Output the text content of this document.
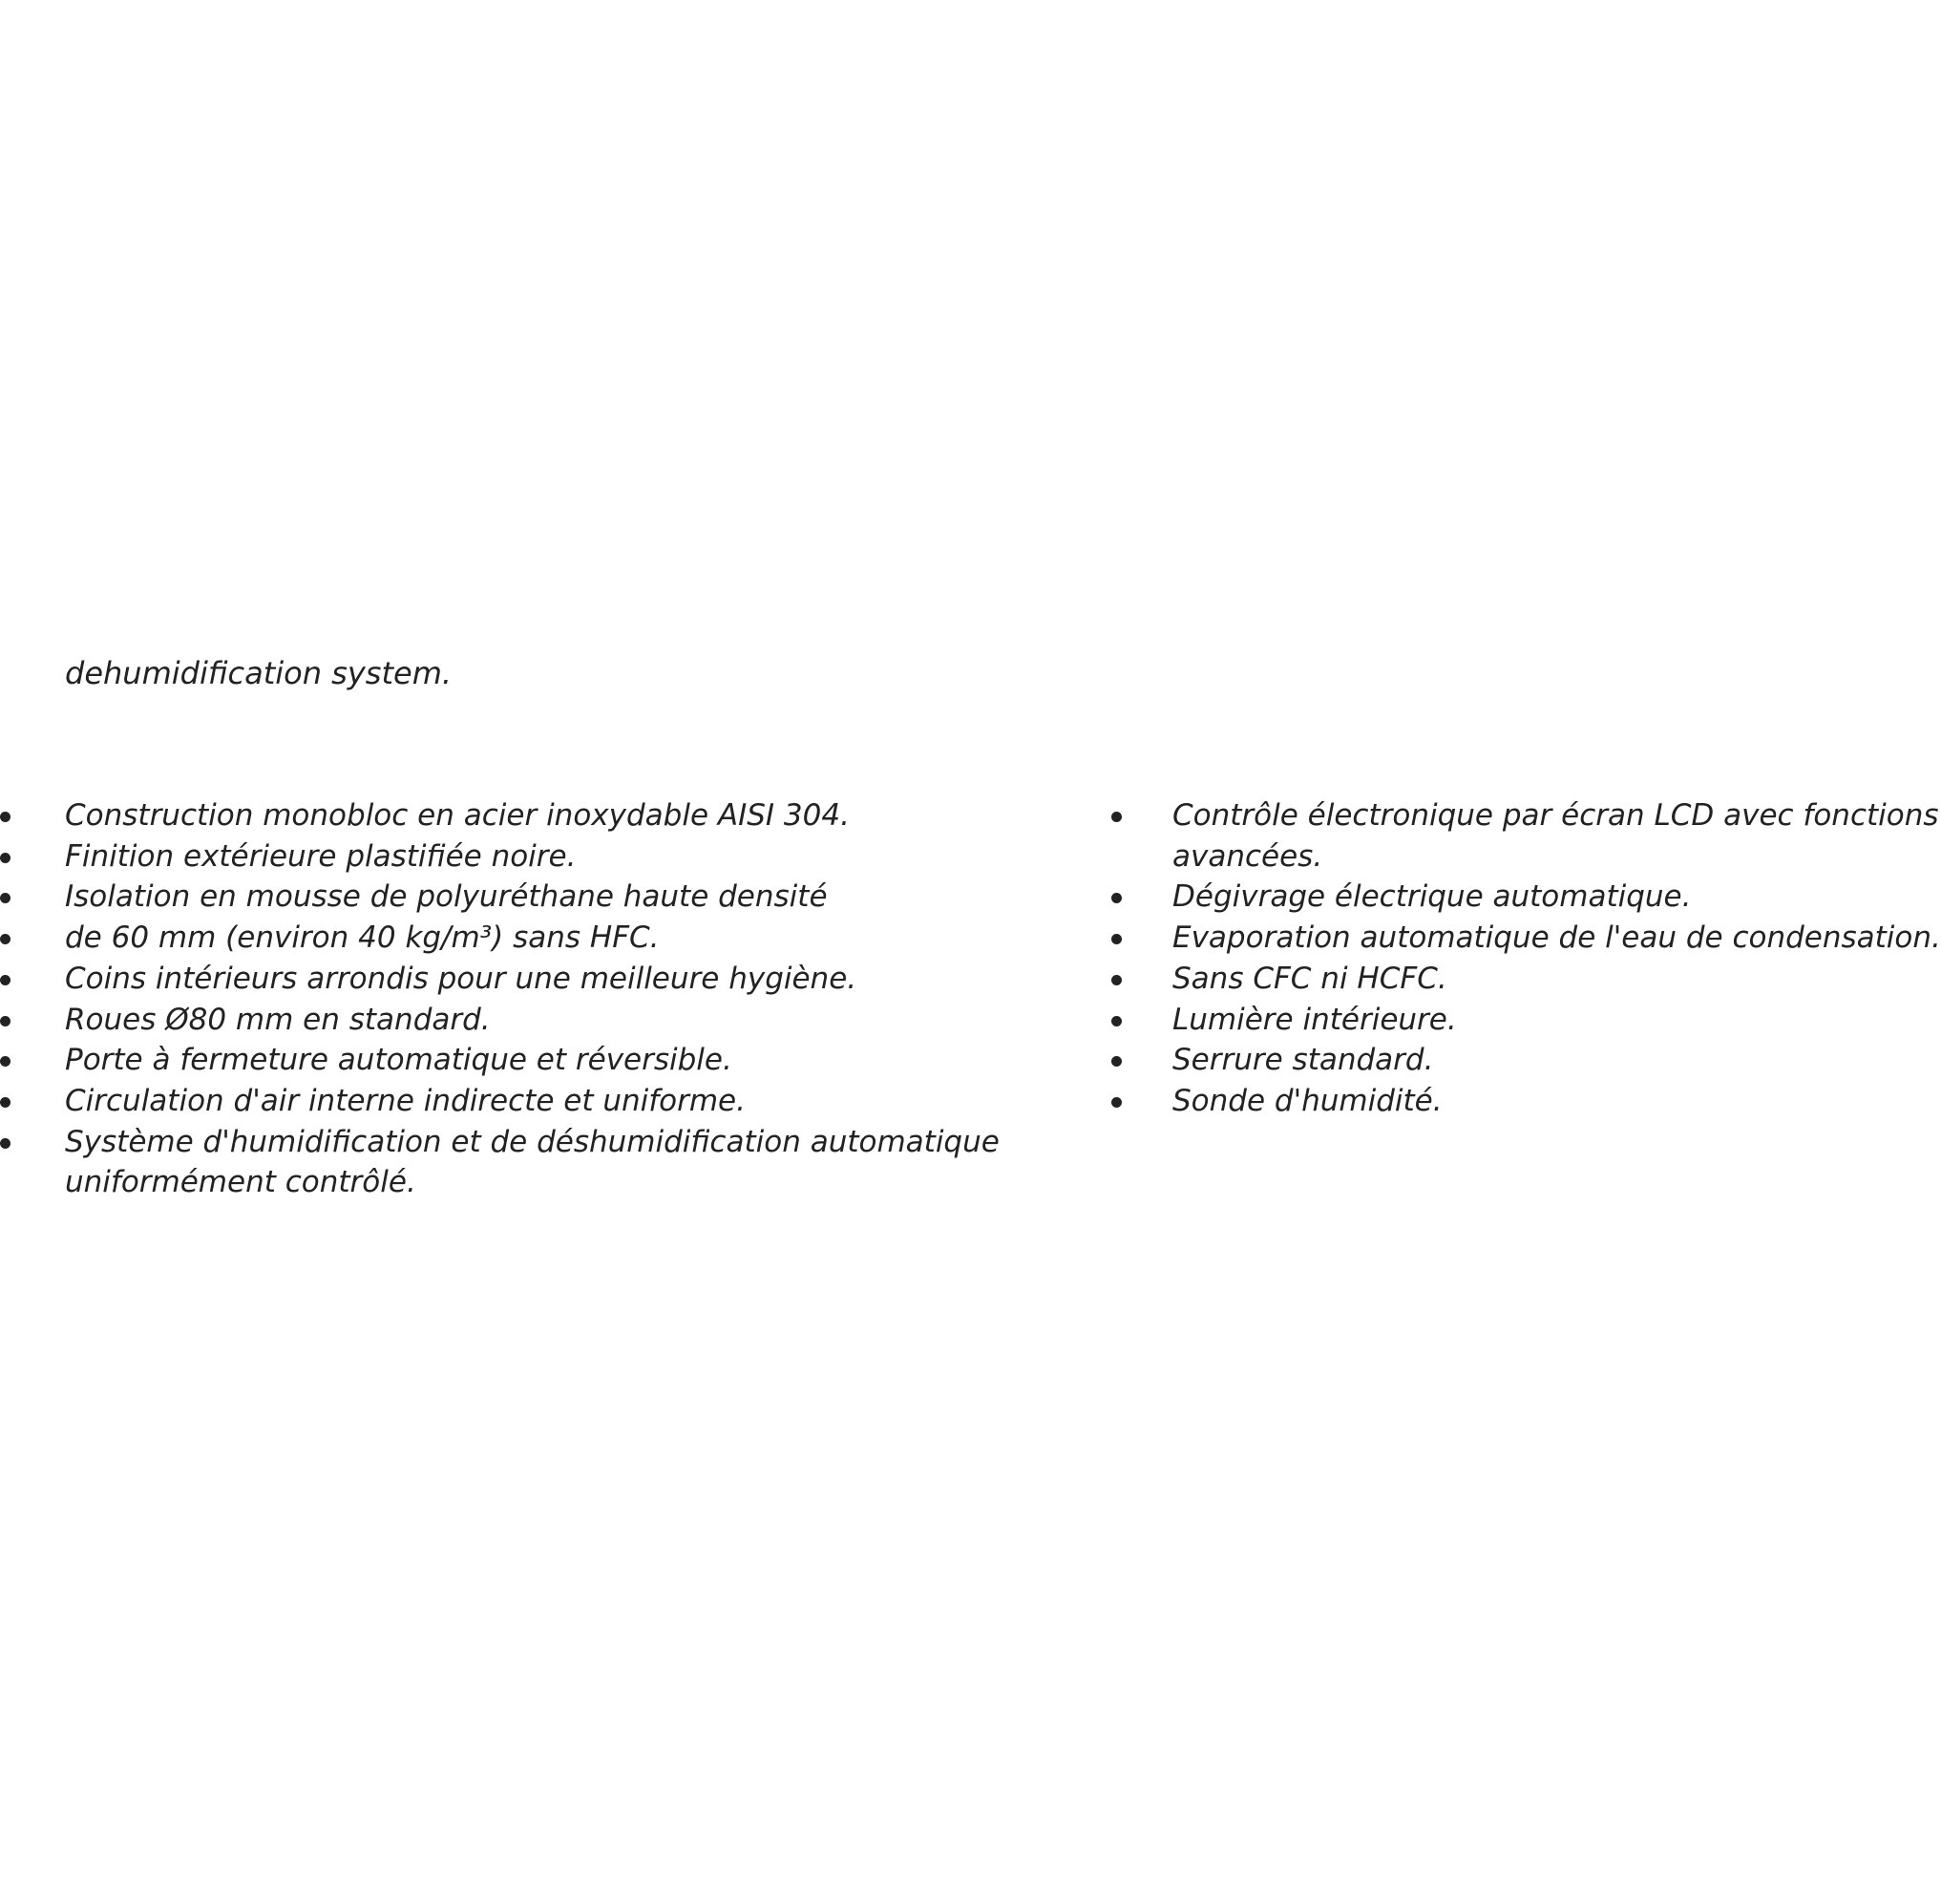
dehumidification system.
Construction monobloc en acier inoxydable AISI 304.
Finition extérieure plastifiée noire.
Isolation en mousse de polyuréthane haute densité
de 60 mm (environ 40 kg/m³) sans HFC.
Coins intérieurs arrondis pour une meilleure hygiène.
Roues Ø80 mm en standard.
Porte à fermeture automatique et réversible.
Circulation d'air interne indirecte et uniforme.
Système d'humidification et de déshumidification automatique
uniformément contrôlé.
Contrôle électronique par écran LCD avec fonctions
avancées.
Dégivrage électrique automatique.
Evaporation automatique de l'eau de condensation.
Sans CFC ni HCFC.
Lumière intérieure.
Serrure standard.
Sonde d'humidité.
